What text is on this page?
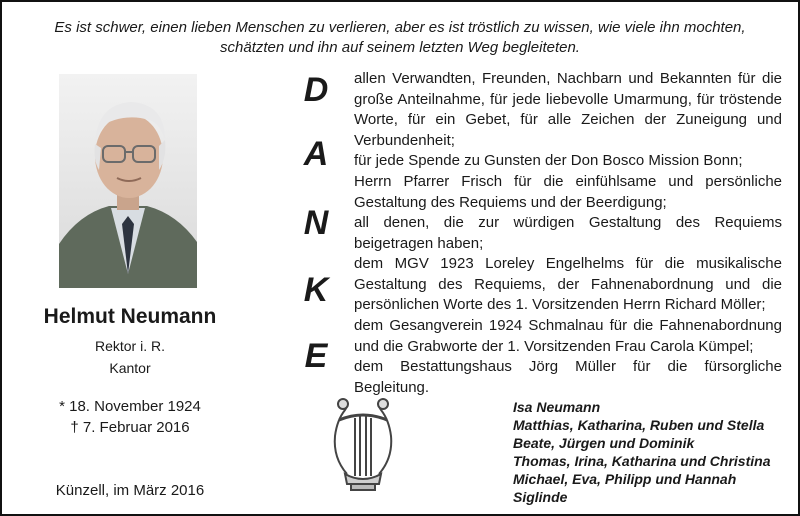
Es ist schwer, einen lieben Menschen zu verlieren, aber es ist tröstlich zu wissen, wie viele ihn mochten,
schätzten und ihn auf seinem letzten Weg begleiteten.
Helmut Neumann
Rektor i. R.
Kantor
* 18. November 1924
† 7. Februar 2016
Künzell, im März 2016
D
A
N
K
E
allen Verwandten, Freunden, Nachbarn und Bekannten für die große Anteilnahme, für jede liebevolle Umarmung, für tröstende Worte, für ein Gebet, für alle Zeichen der Zuneigung und Verbundenheit;
für jede Spende zu Gunsten der Don Bosco Mission Bonn;
Herrn Pfarrer Frisch für die einfühlsame und persönliche Gestaltung des Requiems und der Beerdigung;
all denen, die zur würdigen Gestaltung des Requiems beigetragen haben;
dem MGV 1923 Loreley Engelhelms für die musikalische Gestaltung des Requiems, der Fahnenabordnung und die persönlichen Worte des 1. Vorsitzenden Herrn Richard Möller;
dem Gesangverein 1924 Schmalnau für die Fahnenabordnung und die Grabworte der 1. Vorsitzenden Frau Carola Kümpel;
dem Bestattungshaus Jörg Müller für die fürsorgliche Begleitung.
Isa Neumann
Matthias, Katharina, Ruben und Stella
Beate, Jürgen und Dominik
Thomas, Irina, Katharina und Christina
Michael, Eva, Philipp und Hannah
Siglinde
